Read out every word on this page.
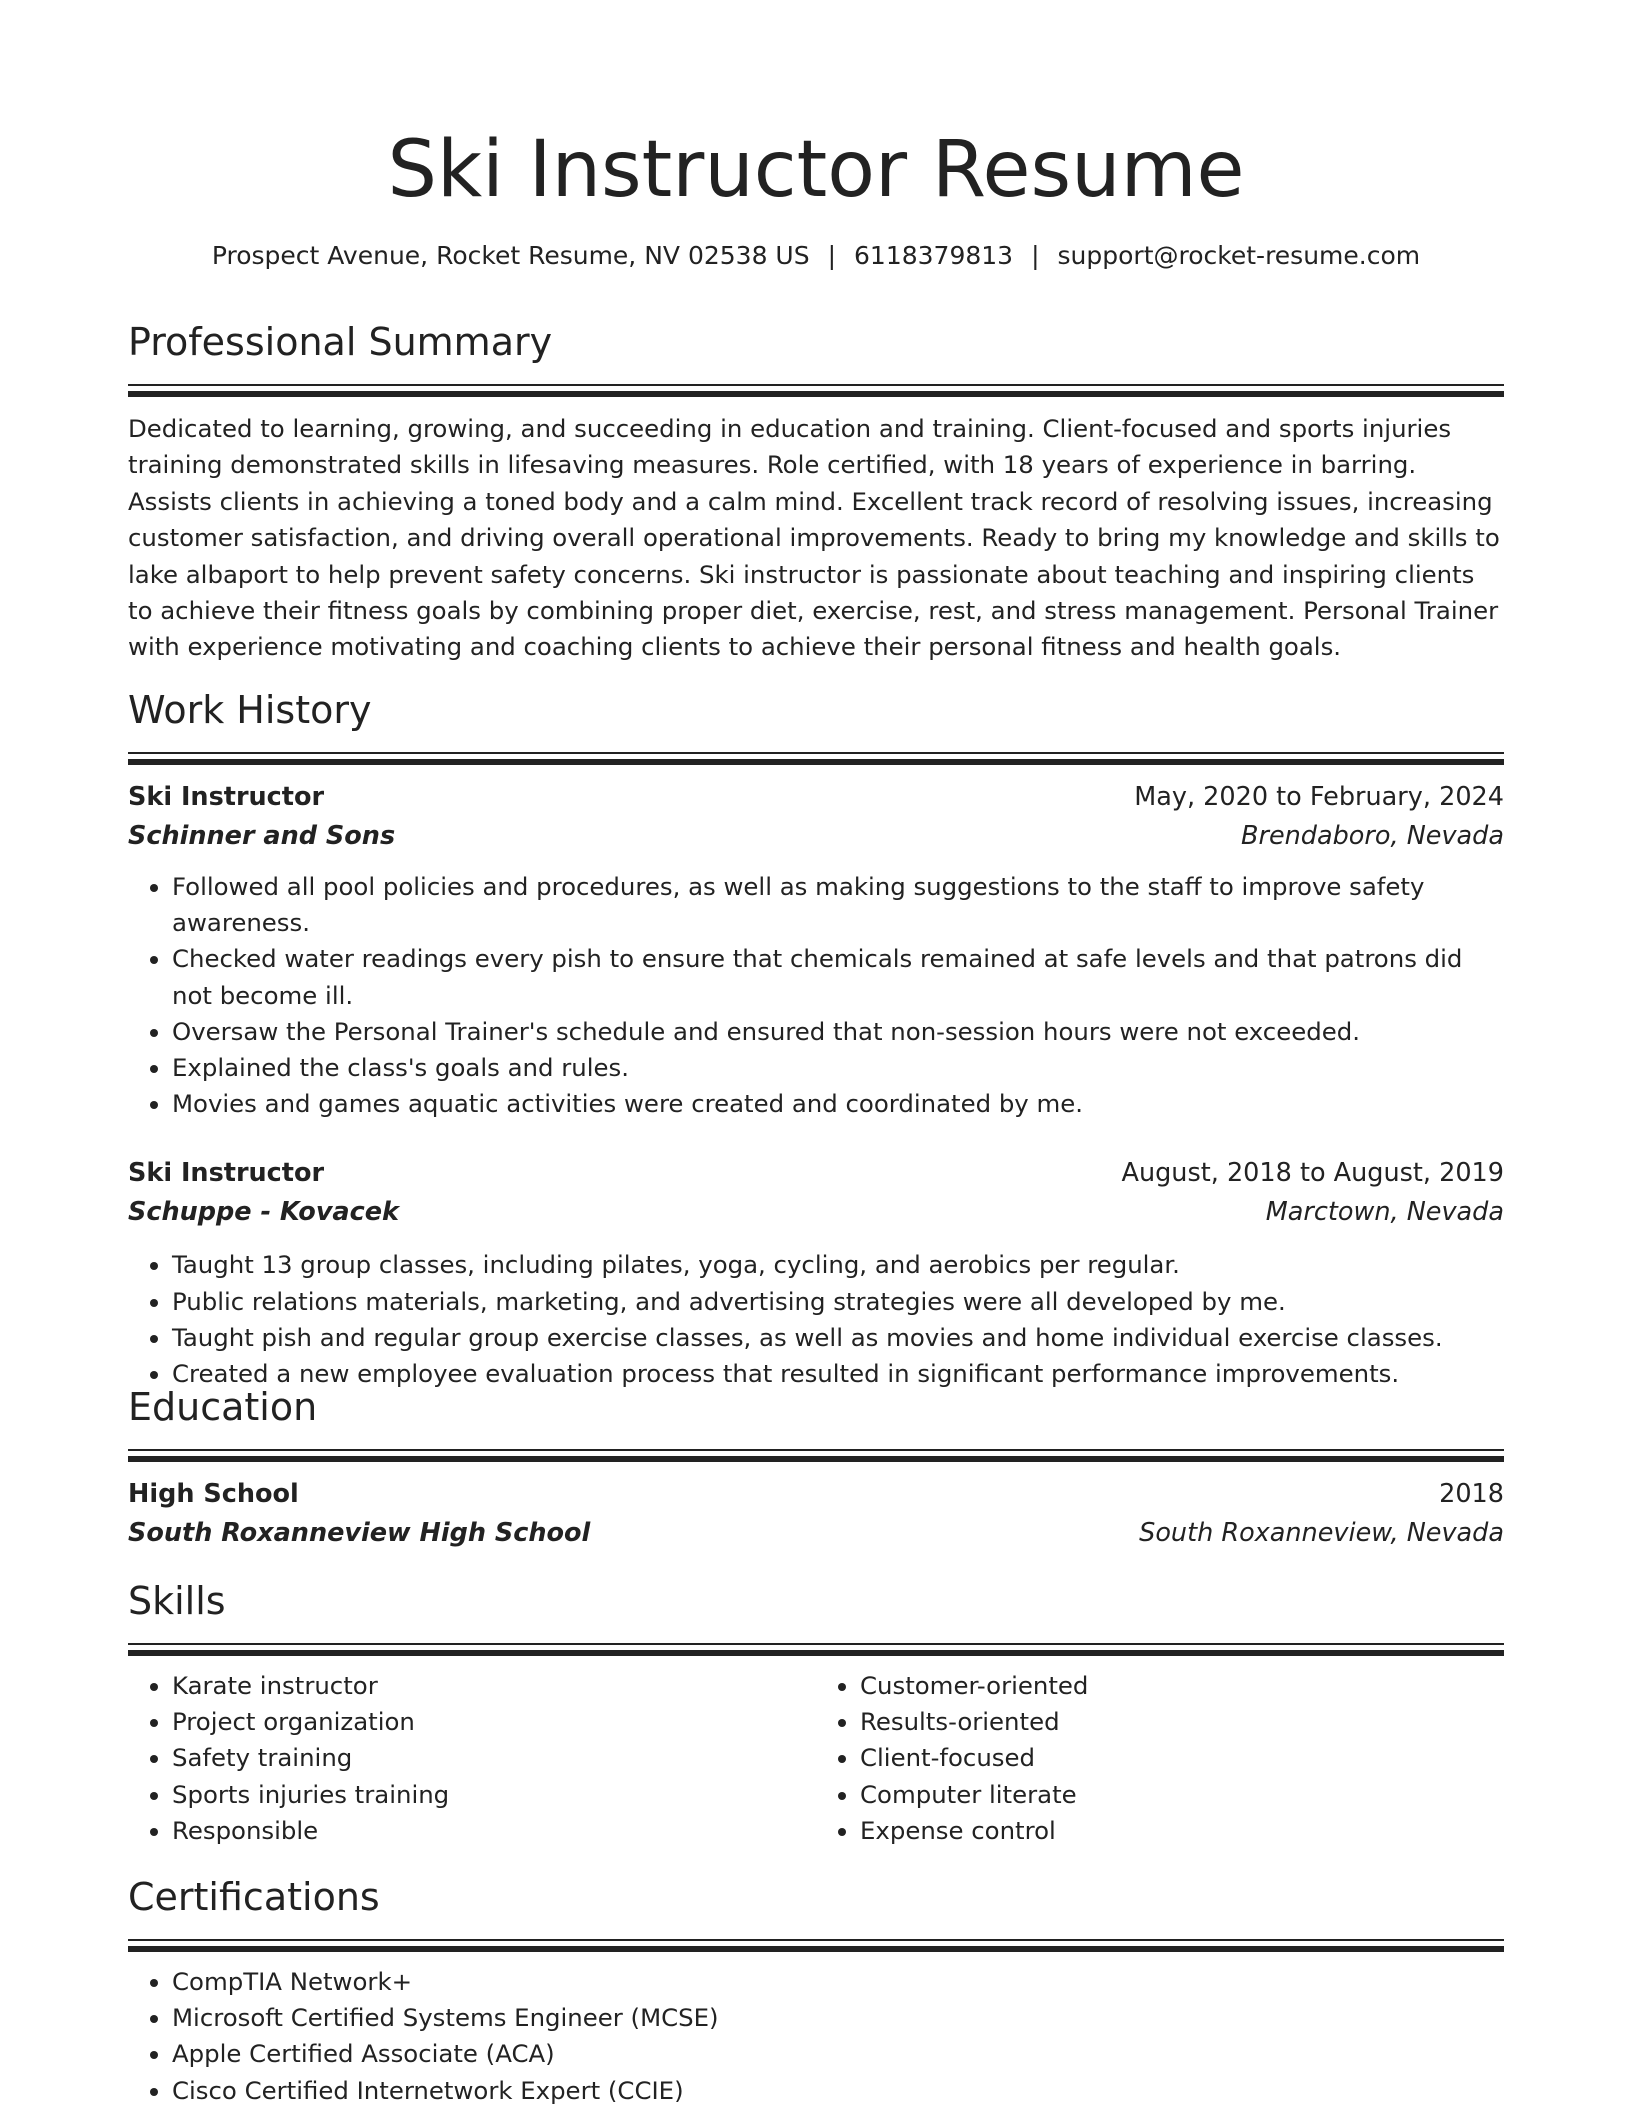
Ski Instructor Resume
Prospect Avenue, Rocket Resume, NV 02538 US | 6118379813 | support@rocket-resume.com
Professional Summary
Dedicated to learning, growing, and succeeding in education and training. Client-focused and sports injuries training demonstrated skills in lifesaving measures. Role certified, with 18 years of experience in barring. Assists clients in achieving a toned body and a calm mind. Excellent track record of resolving issues, increasing customer satisfaction, and driving overall operational improvements. Ready to bring my knowledge and skills to lake albaport to help prevent safety concerns. Ski instructor is passionate about teaching and inspiring clients to achieve their fitness goals by combining proper diet, exercise, rest, and stress management. Personal Trainer with experience motivating and coaching clients to achieve their personal fitness and health goals.
Work History
Ski Instructor	May, 2020 to February, 2024
Schinner and Sons	Brendaboro, Nevada
• Followed all pool policies and procedures, as well as making suggestions to the staff to improve safety awareness.
• Checked water readings every pish to ensure that chemicals remained at safe levels and that patrons did not become ill.
• Oversaw the Personal Trainer's schedule and ensured that non-session hours were not exceeded.
• Explained the class's goals and rules.
• Movies and games aquatic activities were created and coordinated by me.
Ski Instructor	August, 2018 to August, 2019
Schuppe - Kovacek	Marctown, Nevada
• Taught 13 group classes, including pilates, yoga, cycling, and aerobics per regular.
• Public relations materials, marketing, and advertising strategies were all developed by me.
• Taught pish and regular group exercise classes, as well as movies and home individual exercise classes.
• Created a new employee evaluation process that resulted in significant performance improvements.
Education
High School	2018
South Roxanneview High School	South Roxanneview, Nevada
Skills
• Karate instructor
• Project organization
• Safety training
• Sports injuries training
• Responsible
• Customer-oriented
• Results-oriented
• Client-focused
• Computer literate
• Expense control
Certifications
• CompTIA Network+
• Microsoft Certified Systems Engineer (MCSE)
• Apple Certified Associate (ACA)
• Cisco Certified Internetwork Expert (CCIE)
